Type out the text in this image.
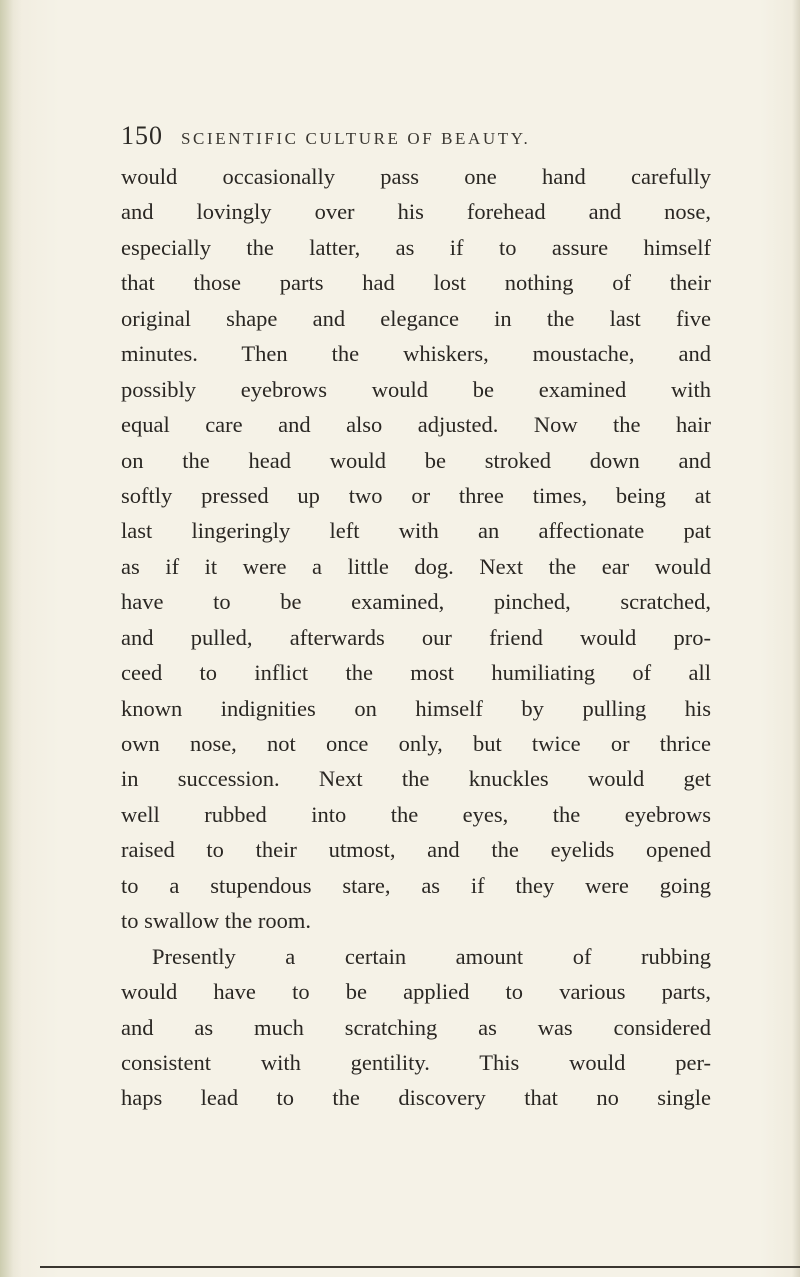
150 SCIENTIFIC CULTURE OF BEAUTY.
would occasionally pass one hand carefully
and lovingly over his forehead and nose,
especially the latter, as if to assure himself
that those parts had lost nothing of their
original shape and elegance in the last five
minutes. Then the whiskers, moustache, and
possibly eyebrows would be examined with
equal care and also adjusted. Now the hair
on the head would be stroked down and
softly pressed up two or three times, being at
last lingeringly left with an affectionate pat
as if it were a little dog. Next the ear would
have to be examined, pinched, scratched,
and pulled, afterwards our friend would pro-
ceed to inflict the most humiliating of all
known indignities on himself by pulling his
own nose, not once only, but twice or thrice
in succession. Next the knuckles would get
well rubbed into the eyes, the eyebrows
raised to their utmost, and the eyelids opened
to a stupendous stare, as if they were going
to swallow the room.
Presently a certain amount of rubbing
would have to be applied to various parts,
and as much scratching as was considered
consistent with gentility. This would per-
haps lead to the discovery that no single
